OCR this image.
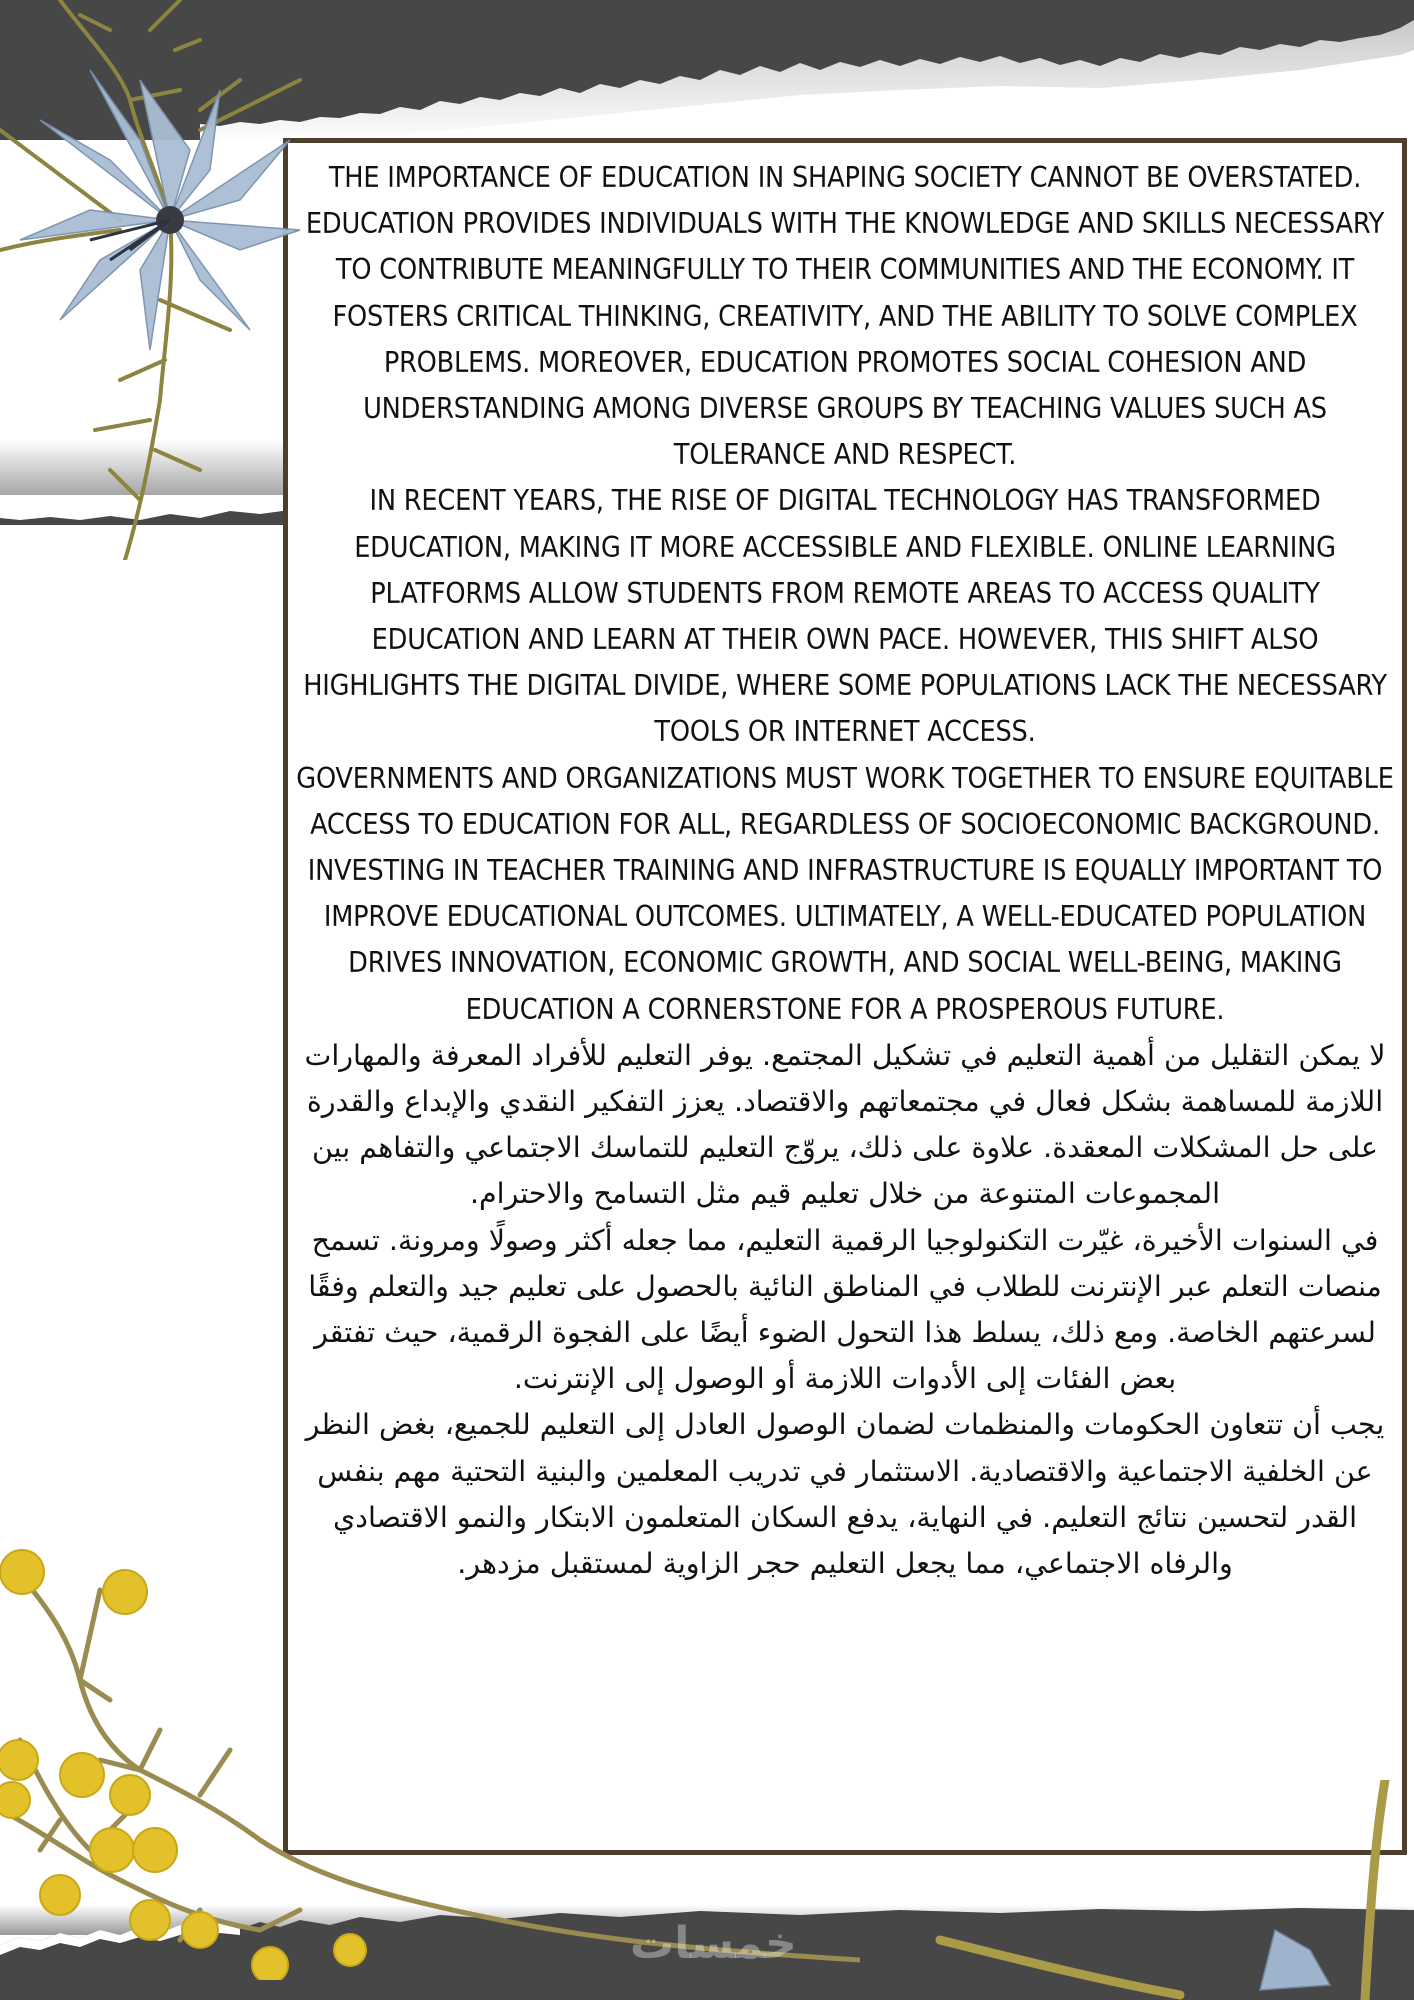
THE IMPORTANCE OF EDUCATION IN SHAPING SOCIETY CANNOT BE OVERSTATED. EDUCATION PROVIDES INDIVIDUALS WITH THE KNOWLEDGE AND SKILLS NECESSARY TO CONTRIBUTE MEANINGFULLY TO THEIR COMMUNITIES AND THE ECONOMY. IT FOSTERS CRITICAL THINKING, CREATIVITY, AND THE ABILITY TO SOLVE COMPLEX PROBLEMS. MOREOVER, EDUCATION PROMOTES SOCIAL COHESION AND UNDERSTANDING AMONG DIVERSE GROUPS BY TEACHING VALUES SUCH AS TOLERANCE AND RESPECT.

IN RECENT YEARS, THE RISE OF DIGITAL TECHNOLOGY HAS TRANSFORMED EDUCATION, MAKING IT MORE ACCESSIBLE AND FLEXIBLE. ONLINE LEARNING PLATFORMS ALLOW STUDENTS FROM REMOTE AREAS TO ACCESS QUALITY EDUCATION AND LEARN AT THEIR OWN PACE. HOWEVER, THIS SHIFT ALSO HIGHLIGHTS THE DIGITAL DIVIDE, WHERE SOME POPULATIONS LACK THE NECESSARY TOOLS OR INTERNET ACCESS.

GOVERNMENTS AND ORGANIZATIONS MUST WORK TOGETHER TO ENSURE EQUITABLE ACCESS TO EDUCATION FOR ALL, REGARDLESS OF SOCIOECONOMIC BACKGROUND. INVESTING IN TEACHER TRAINING AND INFRASTRUCTURE IS EQUALLY IMPORTANT TO IMPROVE EDUCATIONAL OUTCOMES. ULTIMATELY, A WELL-EDUCATED POPULATION DRIVES INNOVATION, ECONOMIC GROWTH, AND SOCIAL WELL-BEING, MAKING EDUCATION A CORNERSTONE FOR A PROSPEROUS FUTURE.

لا يمكن التقليل من أهمية التعليم في تشكيل المجتمع. يوفر التعليم للأفراد المعرفة والمهارات اللازمة للمساهمة بشكل فعال في مجتمعاتهم والاقتصاد. يعزز التفكير النقدي والإبداع والقدرة على حل المشكلات المعقدة. علاوة على ذلك، يروّج التعليم للتماسك الاجتماعي والتفاهم بين المجموعات المتنوعة من خلال تعليم قيم مثل التسامح والاحترام.

في السنوات الأخيرة، غيّرت التكنولوجيا الرقمية التعليم، مما جعله أكثر وصولًا ومرونة. تسمح منصات التعلم عبر الإنترنت للطلاب في المناطق النائية بالحصول على تعليم جيد والتعلم وفقًا لسرعتهم الخاصة. ومع ذلك، يسلط هذا التحول الضوء أيضًا على الفجوة الرقمية، حيث تفتقر بعض الفئات إلى الأدوات اللازمة أو الوصول إلى الإنترنت.

يجب أن تتعاون الحكومات والمنظمات لضمان الوصول العادل إلى التعليم للجميع، بغض النظر عن الخلفية الاجتماعية والاقتصادية. الاستثمار في تدريب المعلمين والبنية التحتية مهم بنفس القدر لتحسين نتائج التعليم. في النهاية، يدفع السكان المتعلمون الابتكار والنمو الاقتصادي والرفاه الاجتماعي، مما يجعل التعليم حجر الزاوية لمستقبل مزدهر.

خمسات
